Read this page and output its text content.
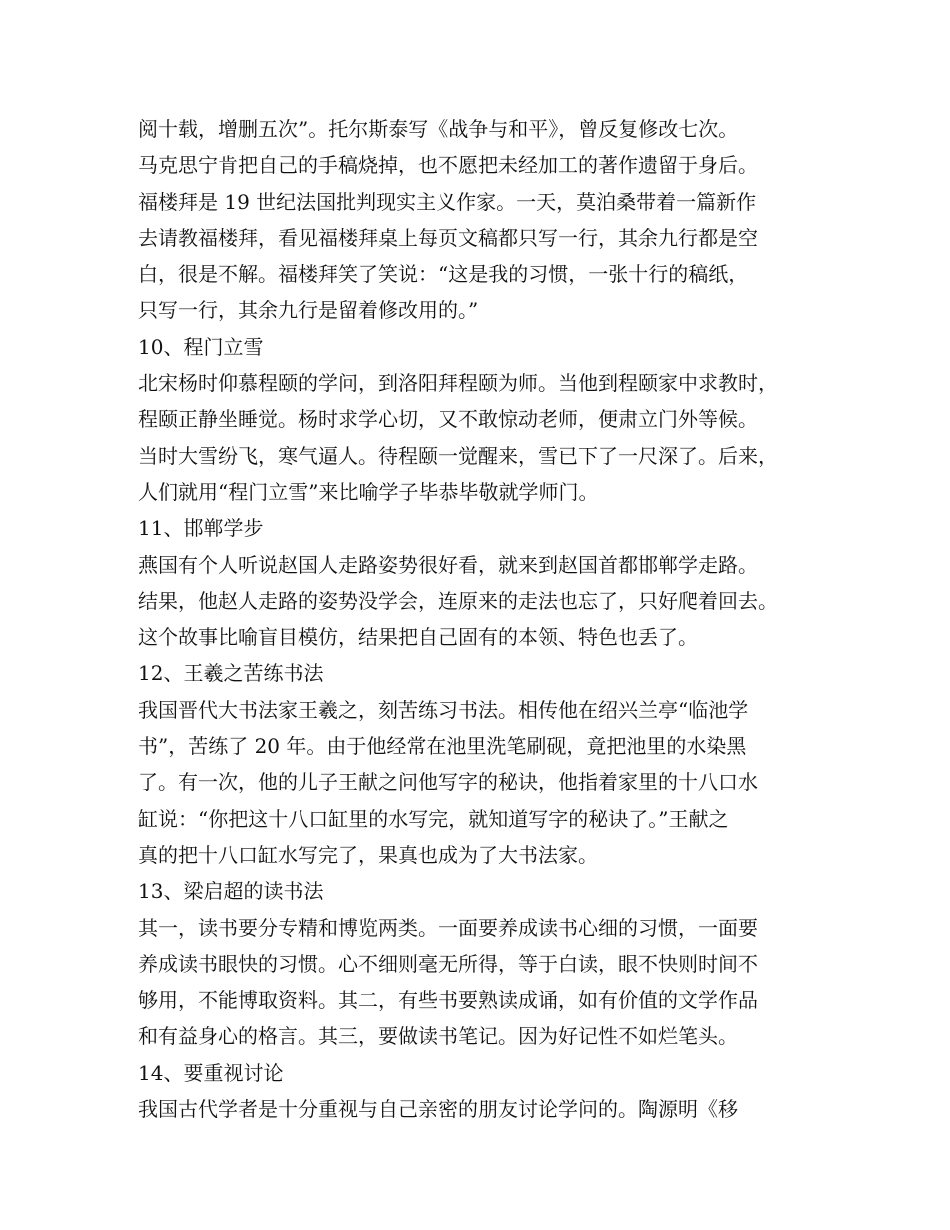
阅十载，增删五次”。托尔斯泰写《战争与和平》，曾反复修改七次。

马克思宁肯把自己的手稿烧掉，也不愿把未经加工的著作遗留于身后。

福楼拜是 19 世纪法国批判现实主义作家。一天，莫泊桑带着一篇新作

去请教福楼拜，看见福楼拜桌上每页文稿都只写一行，其余九行都是空

白，很是不解。福楼拜笑了笑说：“这是我的习惯，一张十行的稿纸，

只写一行，其余九行是留着修改用的。”

10、程门立雪

北宋杨时仰慕程颐的学问，到洛阳拜程颐为师。当他到程颐家中求教时，

程颐正静坐睡觉。杨时求学心切，又不敢惊动老师，便肃立门外等候。

当时大雪纷飞，寒气逼人。待程颐一觉醒来，雪已下了一尺深了。后来，

人们就用“程门立雪”来比喻学子毕恭毕敬就学师门。

11、邯郸学步

燕国有个人听说赵国人走路姿势很好看，就来到赵国首都邯郸学走路。

结果，他赵人走路的姿势没学会，连原来的走法也忘了，只好爬着回去。

这个故事比喻盲目模仿，结果把自己固有的本领、特色也丢了。

12、王羲之苦练书法

我国晋代大书法家王羲之，刻苦练习书法。相传他在绍兴兰亭“临池学

书”，苦练了 20 年。由于他经常在池里洗笔刷砚，竟把池里的水染黑

了。有一次，他的儿子王献之问他写字的秘诀，他指着家里的十八口水

缸说：“你把这十八口缸里的水写完，就知道写字的秘诀了。”王献之

真的把十八口缸水写完了，果真也成为了大书法家。

13、梁启超的读书法

其一，读书要分专精和博览两类。一面要养成读书心细的习惯，一面要

养成读书眼快的习惯。心不细则毫无所得，等于白读，眼不快则时间不

够用，不能博取资料。其二，有些书要熟读成诵，如有价值的文学作品

和有益身心的格言。其三，要做读书笔记。因为好记性不如烂笔头。

14、要重视讨论

我国古代学者是十分重视与自己亲密的朋友讨论学问的。陶源明《移
